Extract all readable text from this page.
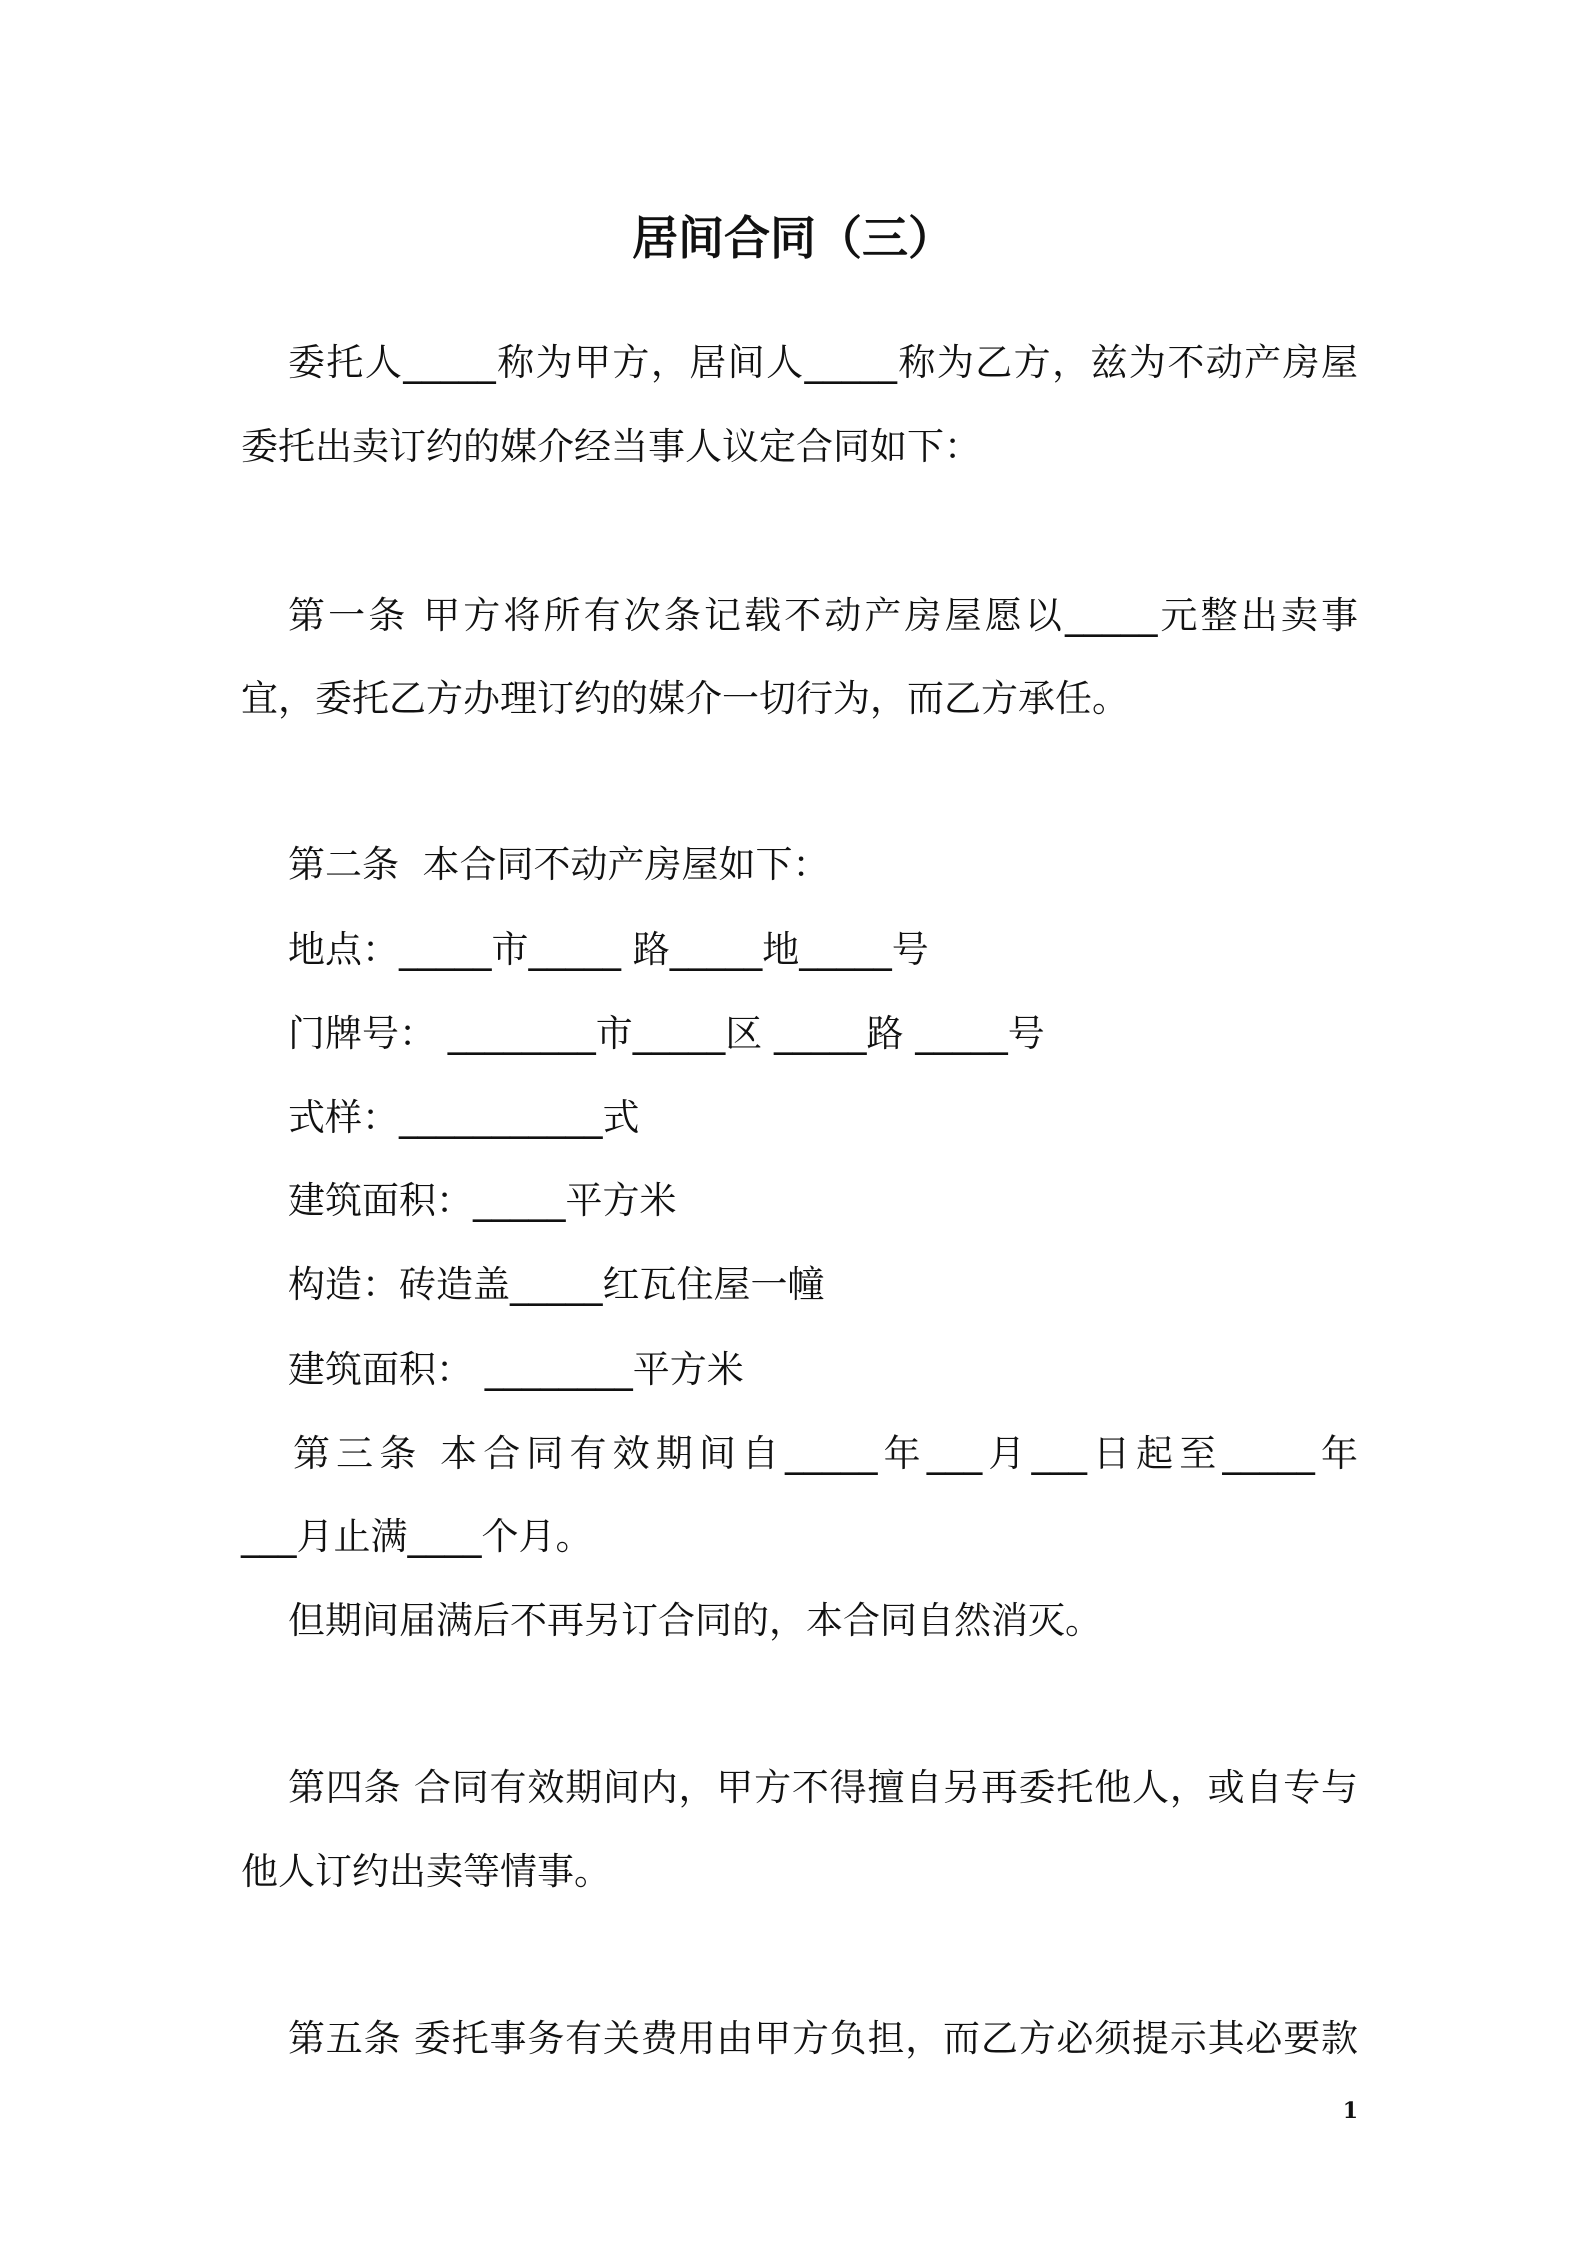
居间合同（三）
委托人_____称为甲方，居间人_____称为乙方，兹为不动产房屋
委托出卖订约的媒介经当事人议定合同如下：
第一条 甲方将所有次条记载不动产房屋愿以_____元整出卖事
宜，委托乙方办理订约的媒介一切行为，而乙方承任。
第二条  本合同不动产房屋如下：
地点：_____市_____ 路_____地_____号
门牌号： ________市_____区 _____路 _____号
式样：___________式
建筑面积：_____平方米
构造：砖造盖_____红瓦住屋一幢
建筑面积： ________平方米
第三条 本合同有效期间自_____年___月___日起至_____年
___月止满____个月。
但期间届满后不再另订合同的，本合同自然消灭。
第四条 合同有效期间内，甲方不得擅自另再委托他人，或自专与
他人订约出卖等情事。
第五条 委托事务有关费用由甲方负担，而乙方必须提示其必要款
1
